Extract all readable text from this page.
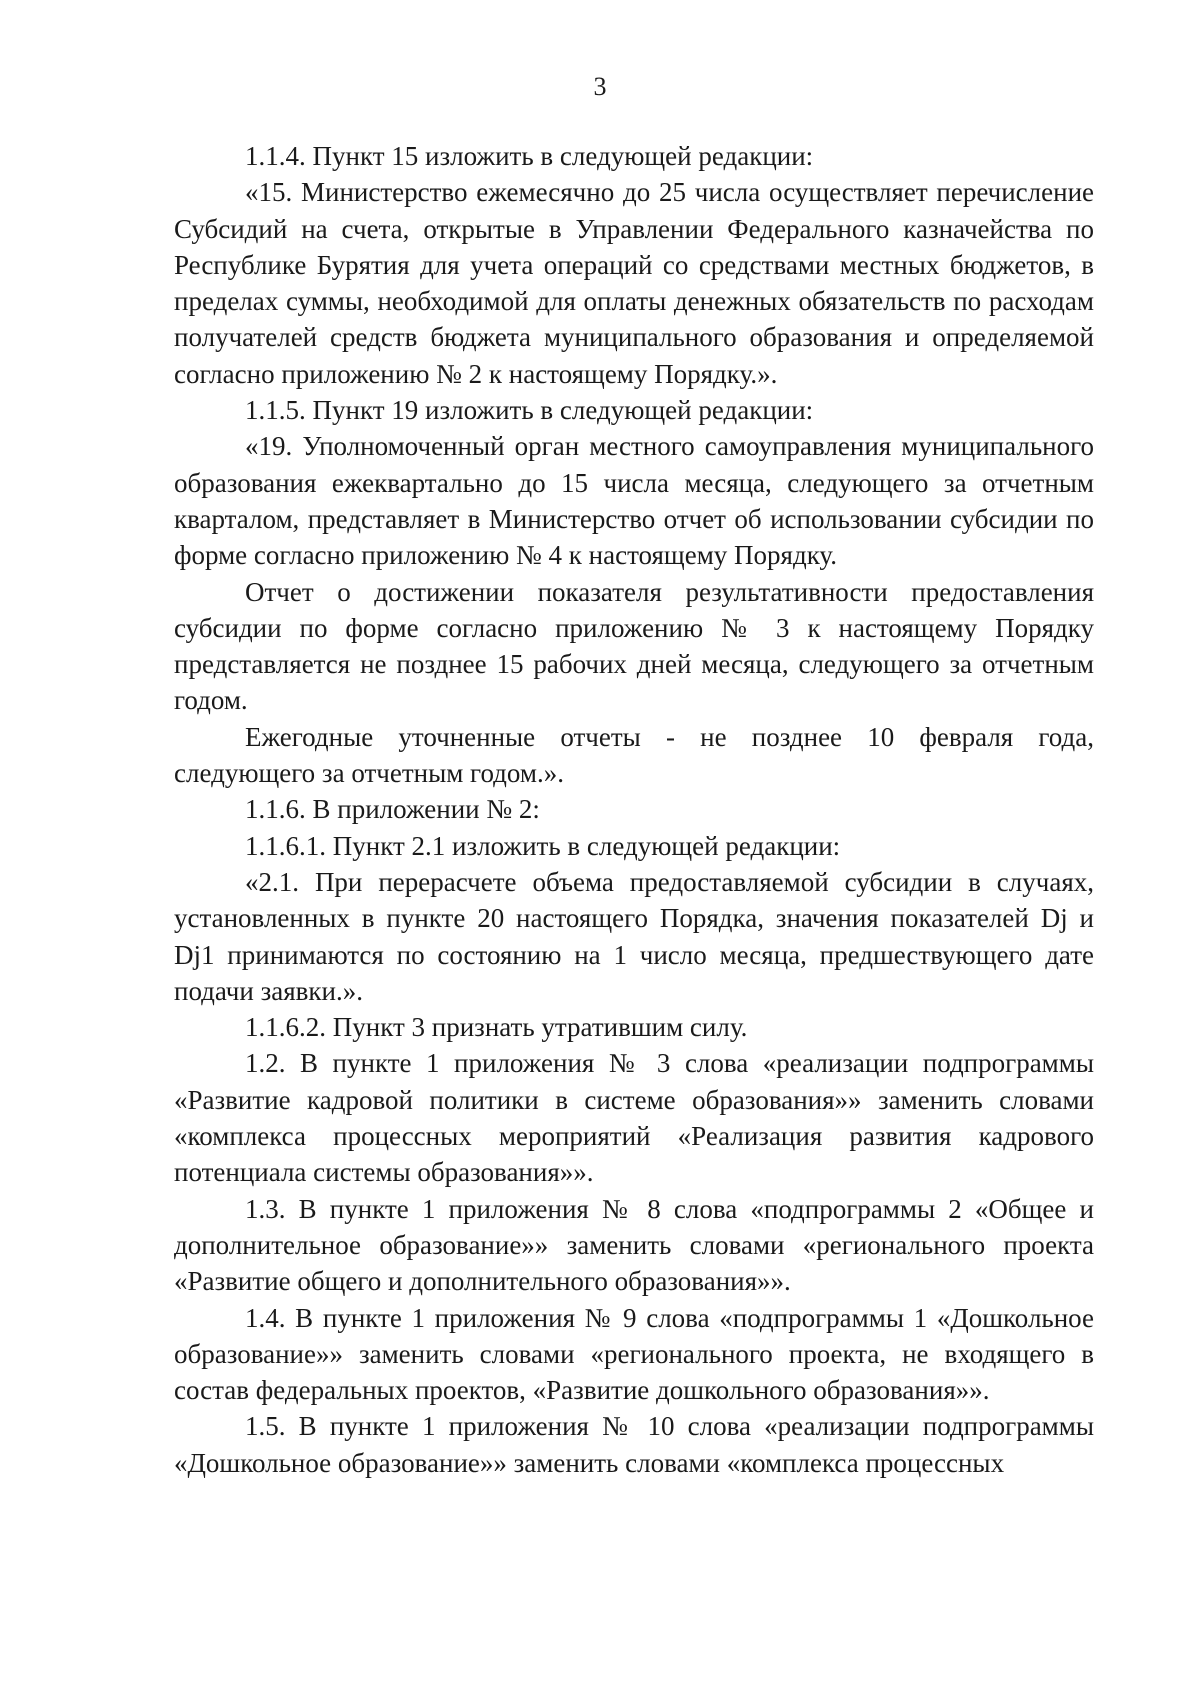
3

1.1.4. Пункт 15 изложить в следующей редакции:

«15. Министерство ежемесячно до 25 числа осуществляет перечисление Субсидий на счета, открытые в Управлении Федерального казначейства по Республике Бурятия для учета операций со средствами местных бюджетов, в пределах суммы, необходимой для оплаты денежных обязательств по расходам получателей средств бюджета муниципального образования и определяемой согласно приложению № 2 к настоящему Порядку.».

1.1.5. Пункт 19 изложить в следующей редакции:

«19. Уполномоченный орган местного самоуправления муниципального образования ежеквартально до 15 числа месяца, следующего за отчетным кварталом, представляет в Министерство отчет об использовании субсидии по форме согласно приложению № 4 к настоящему Порядку.

Отчет о достижении показателя результативности предоставления субсидии по форме согласно приложению № 3 к настоящему Порядку представляется не позднее 15 рабочих дней месяца, следующего за отчетным годом.

Ежегодные уточненные отчеты - не позднее 10 февраля года, следующего за отчетным годом.».

1.1.6. В приложении № 2:

1.1.6.1. Пункт 2.1 изложить в следующей редакции:

«2.1. При перерасчете объема предоставляемой субсидии в случаях, установленных в пункте 20 настоящего Порядка, значения показателей Dj и Dj1 принимаются по состоянию на 1 число месяца, предшествующего дате подачи заявки.».

1.1.6.2. Пункт 3 признать утратившим силу.

1.2. В пункте 1 приложения № 3 слова «реализации подпрограммы «Развитие кадровой политики в системе образования»» заменить словами «комплекса процессных мероприятий «Реализация развития кадрового потенциала системы образования»».

1.3. В пункте 1 приложения № 8 слова «подпрограммы 2 «Общее и дополнительное образование»» заменить словами «регионального проекта «Развитие общего и дополнительного образования»».

1.4. В пункте 1 приложения № 9 слова «подпрограммы 1 «Дошкольное образование»» заменить словами «регионального проекта, не входящего в состав федеральных проектов, «Развитие дошкольного образования»».

1.5. В пункте 1 приложения № 10 слова «реализации подпрограммы «Дошкольное образование»» заменить словами «комплекса процессных
